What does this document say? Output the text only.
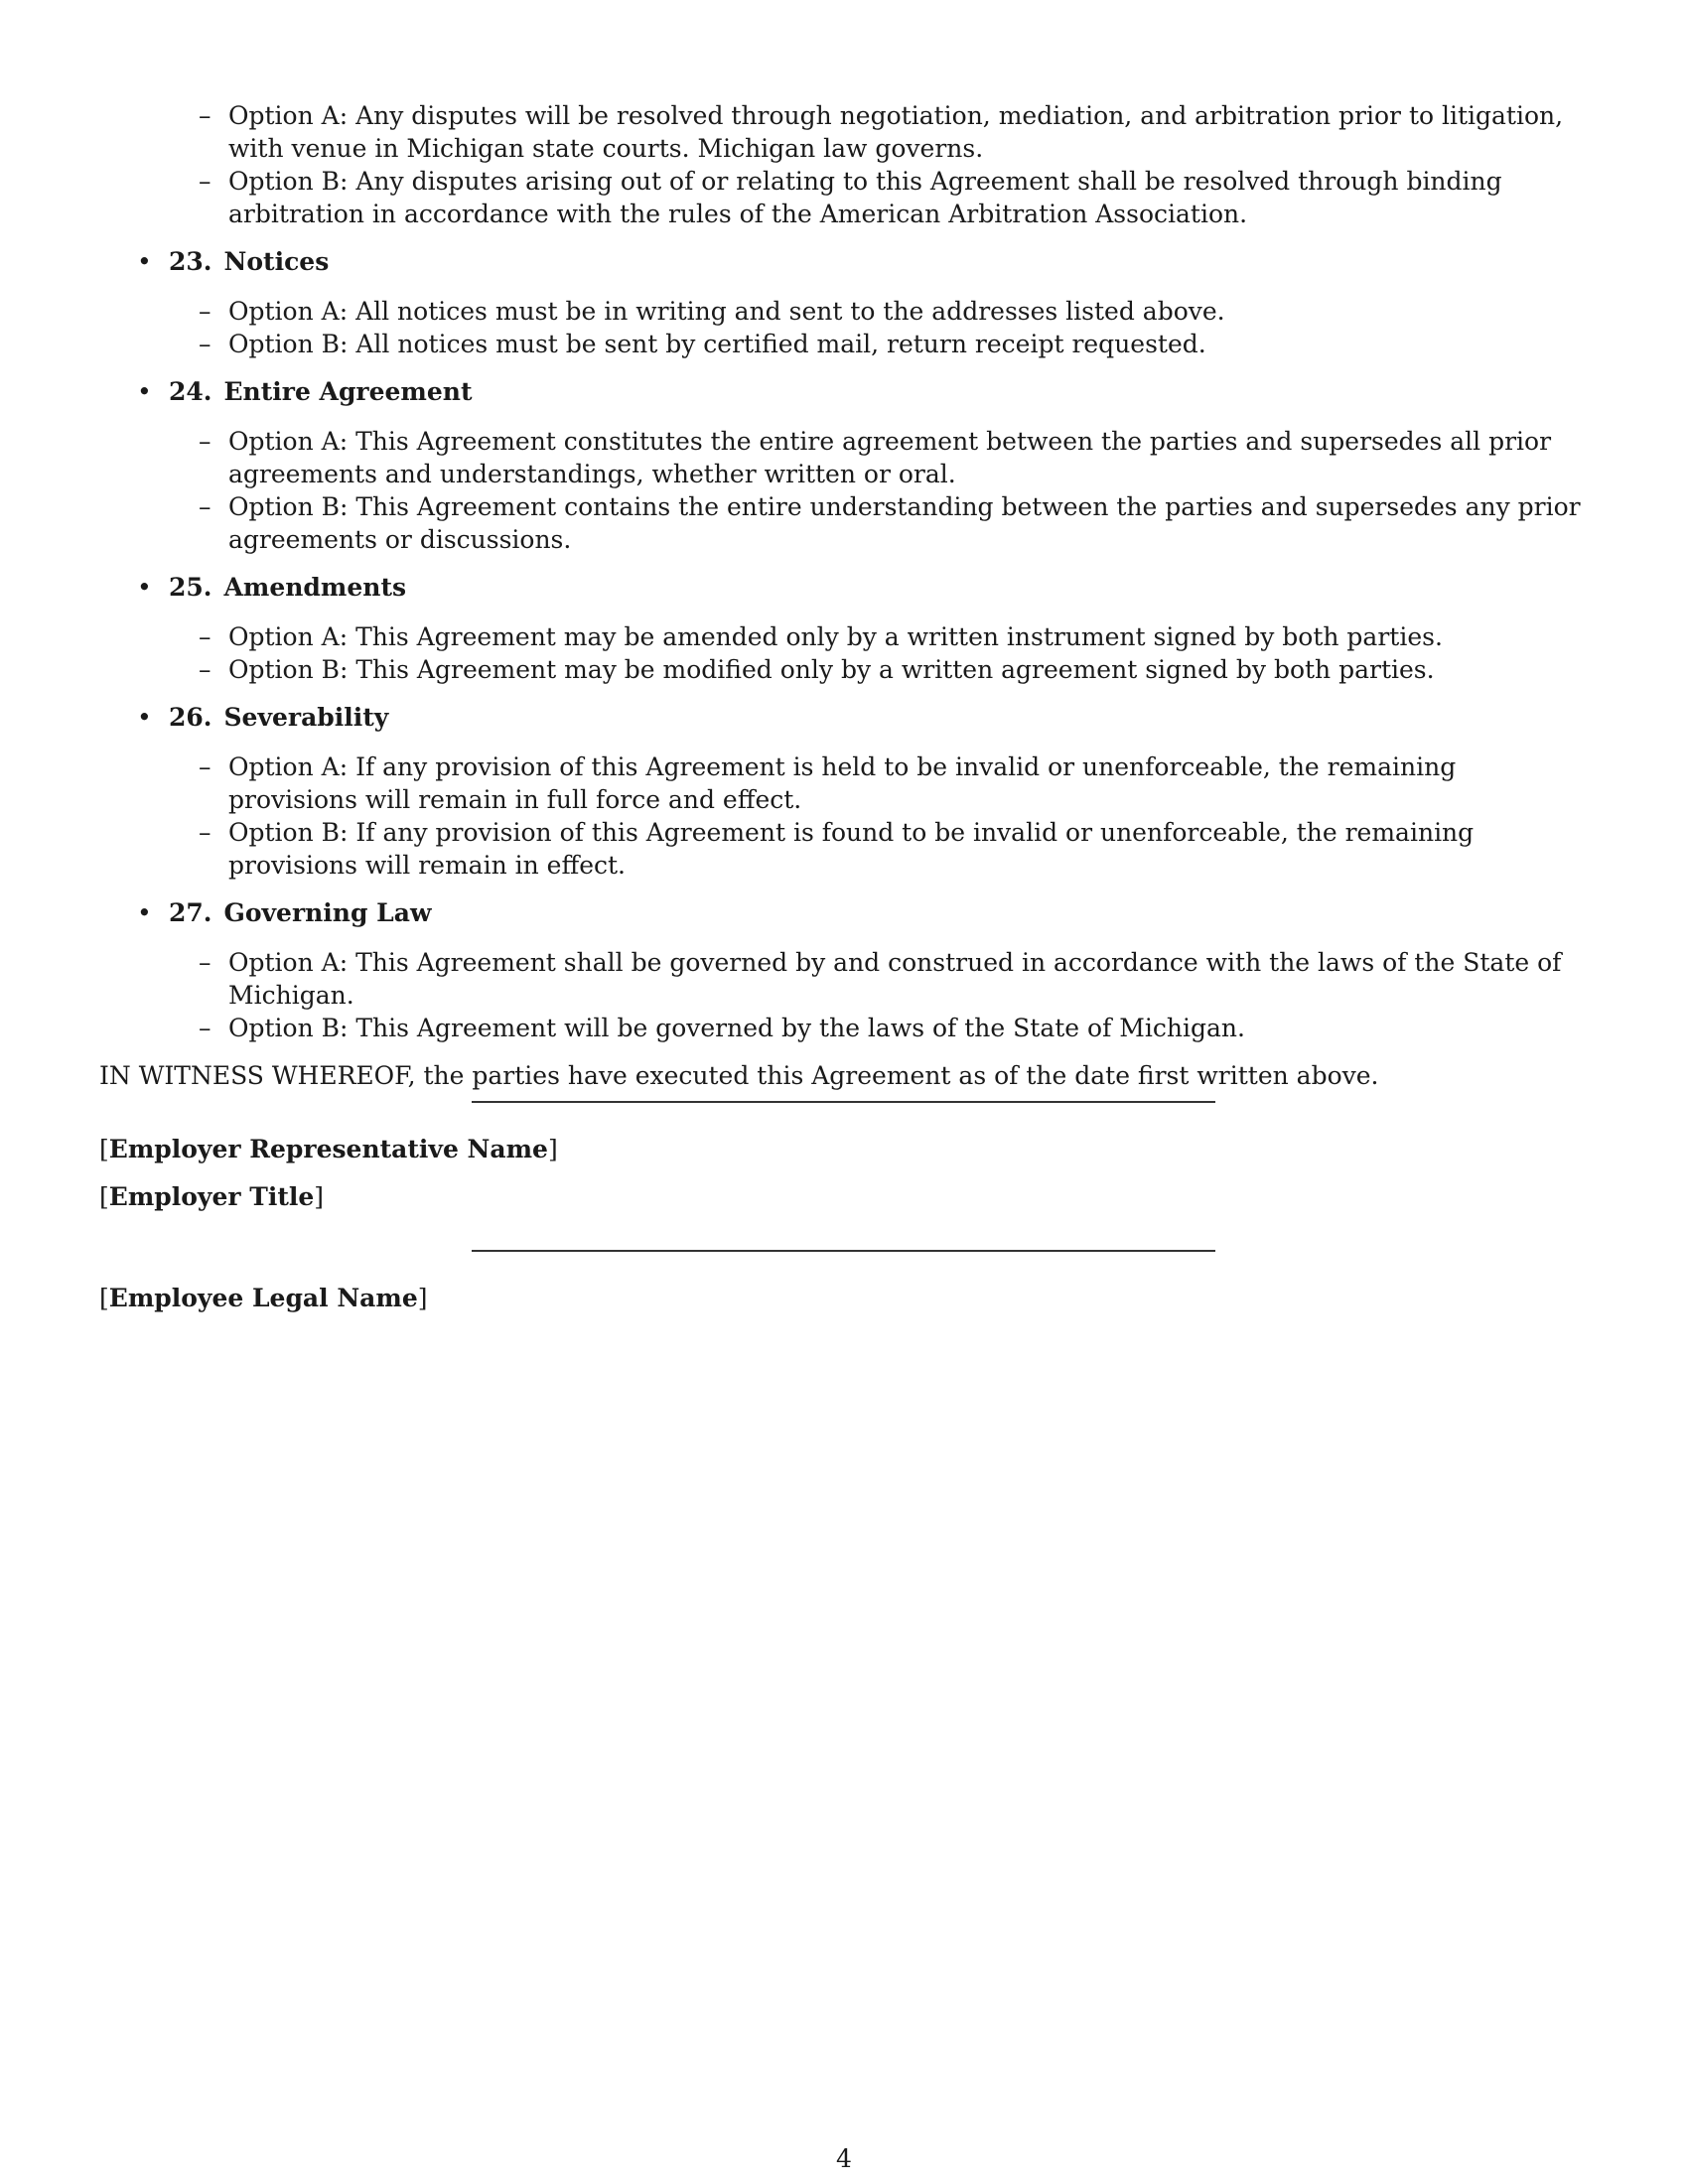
– Option A: Any disputes will be resolved through negotiation, mediation, and arbitration prior to litigation, with venue in Michigan state courts. Michigan law governs.
– Option B: Any disputes arising out of or relating to this Agreement shall be resolved through binding arbitration in accordance with the rules of the American Arbitration Association.
• 23. Notices
– Option A: All notices must be in writing and sent to the addresses listed above.
– Option B: All notices must be sent by certified mail, return receipt requested.
• 24. Entire Agreement
– Option A: This Agreement constitutes the entire agreement between the parties and supersedes all prior agreements and understandings, whether written or oral.
– Option B: This Agreement contains the entire understanding between the parties and supersedes any prior agreements or discussions.
• 25. Amendments
– Option A: This Agreement may be amended only by a written instrument signed by both parties.
– Option B: This Agreement may be modified only by a written agreement signed by both parties.
• 26. Severability
– Option A: If any provision of this Agreement is held to be invalid or unenforceable, the remaining provisions will remain in full force and effect.
– Option B: If any provision of this Agreement is found to be invalid or unenforceable, the remaining provisions will remain in effect.
• 27. Governing Law
– Option A: This Agreement shall be governed by and construed in accordance with the laws of the State of Michigan.
– Option B: This Agreement will be governed by the laws of the State of Michigan.
IN WITNESS WHEREOF, the parties have executed this Agreement as of the date first written above.
[Employer Representative Name]
[Employer Title]
[Employee Legal Name]
4
